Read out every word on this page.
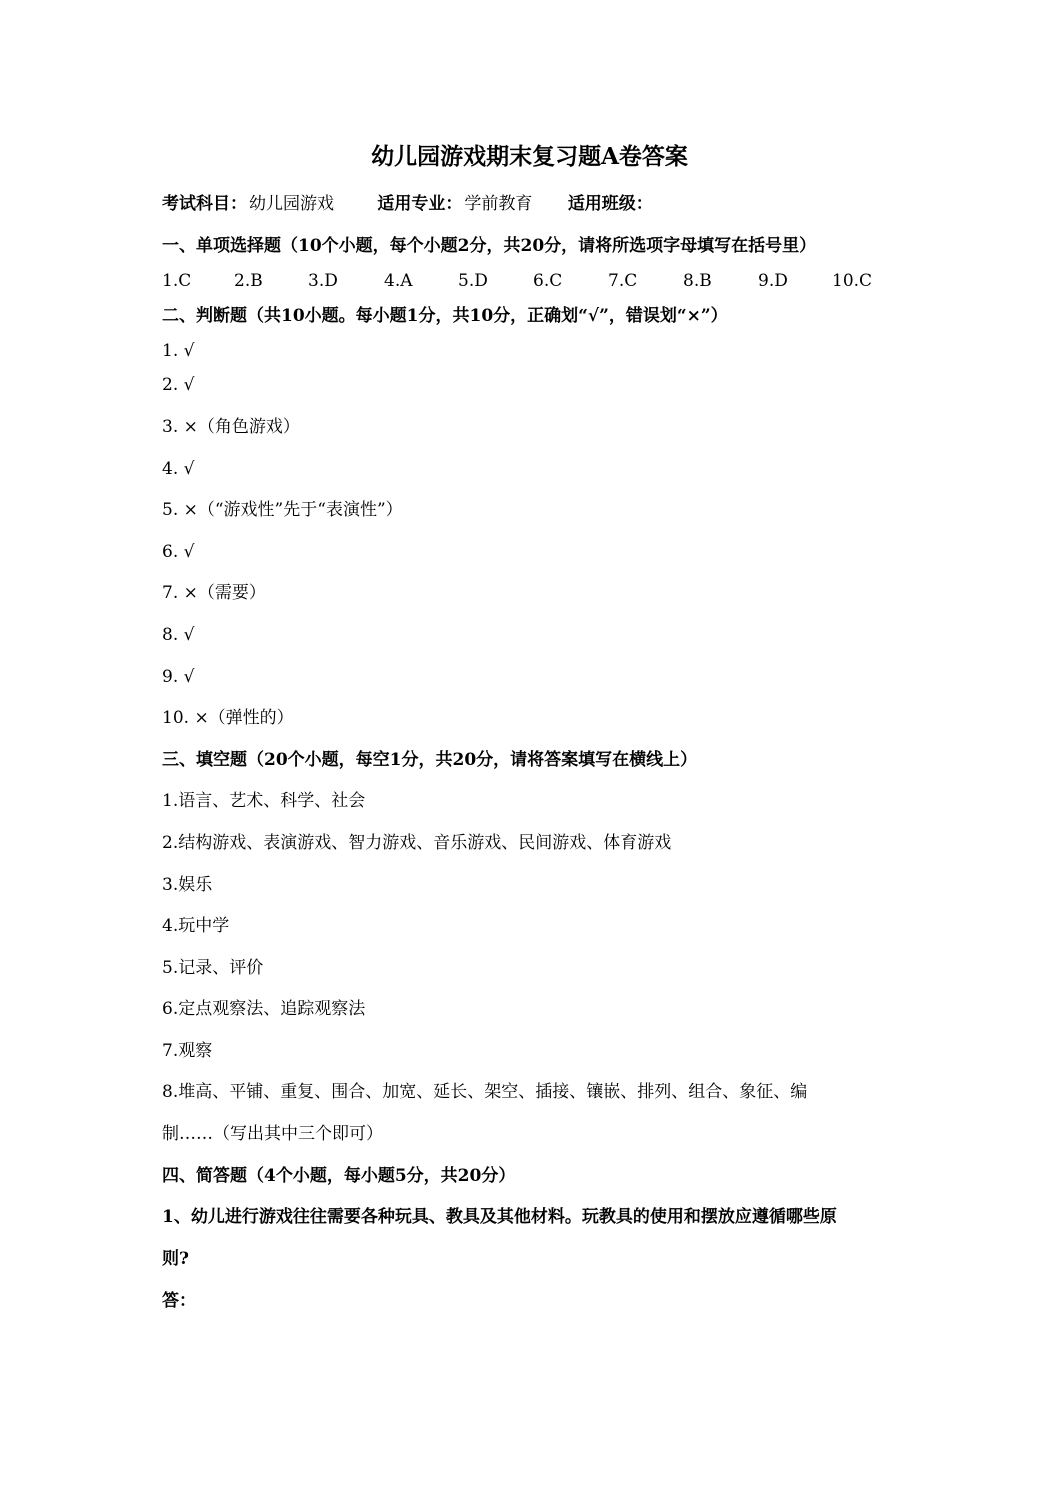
幼儿园游戏期末复习题A卷答案
考试科目： 幼儿园游戏	适用专业： 学前教育 适用班级：
一、单项选择题（10个小题，每个小题2分，共20分，请将所选项字母填写在括号里）
1.C	2.B	3.D	4.A	5.D	6.C	7.C	8.B	9.D	10.C
二、判断题（共10小题。每小题1分，共10分，正确划“√”，错误划“×”）
1. √
2. √
3. ×（角色游戏）
4. √
5. ×（“游戏性”先于“表演性”）
6. √
7. ×（需要）
8. √
9. √
10. ×（弹性的）
三、填空题（20个小题，每空1分，共20分，请将答案填写在横线上）
1.语言、艺术、科学、社会
2.结构游戏、表演游戏、智力游戏、音乐游戏、民间游戏、体育游戏
3.娱乐
4.玩中学
5.记录、评价
6.定点观察法、追踪观察法
7.观察
8.堆高、平铺、重复、围合、加宽、延长、架空、插接、镶嵌、排列、组合、象征、编
制……（写出其中三个即可）
四、简答题（4个小题，每小题5分，共20分）
1、幼儿进行游戏往往需要各种玩具、教具及其他材料。玩教具的使用和摆放应遵循哪些原
则?
答：
